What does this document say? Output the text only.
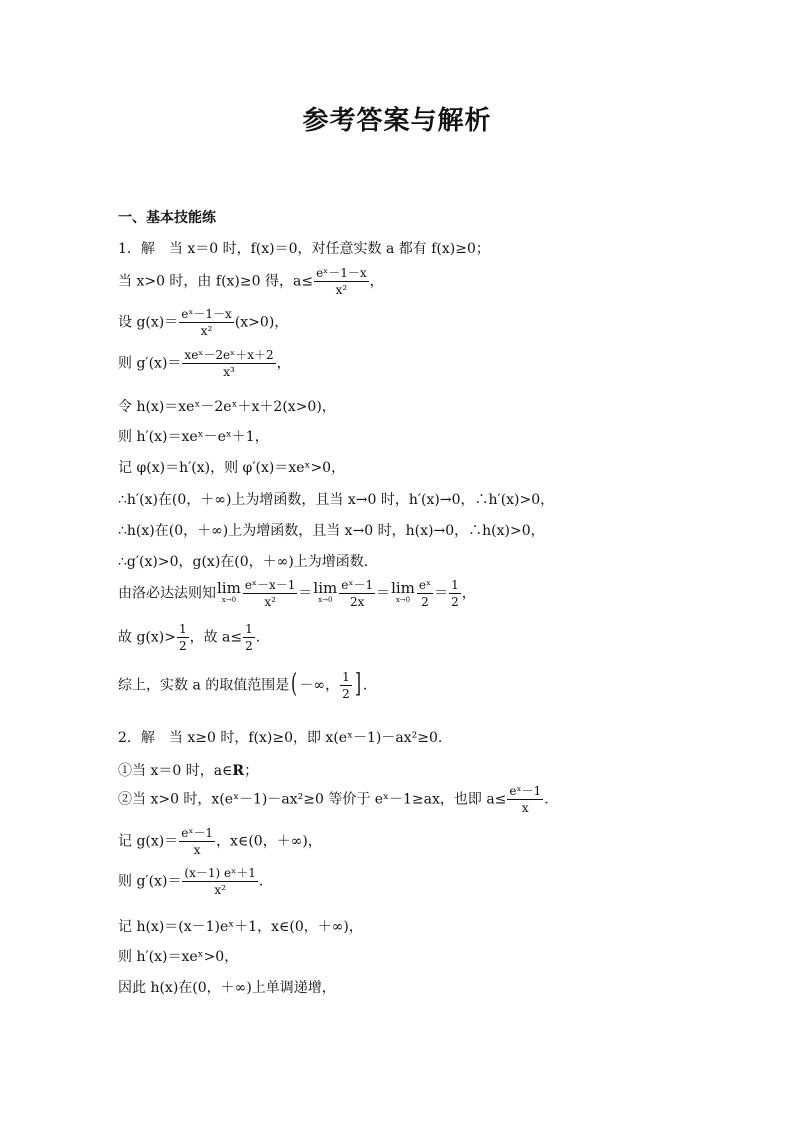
参考答案与解析
一、基本技能练
1．解　当 x＝0 时，f(x)＝0，对任意实数 a 都有 f(x)≥0；
当 x>0 时，由 f(x)≥0 得，$a\le \frac{\text{eˣ－1－x}}{\text{x²}}$ ，
设 $g(x)= \frac{\text{eˣ－1－x}}{\text{x²}} (x>0)$，
则 $g'(x)= \frac{\text{xeˣ－2eˣ＋x＋2}}{\text{x³}}$ ，
令 h(x)＝xeˣ－2eˣ＋x＋2(x>0)，
则 h′(x)＝xeˣ－eˣ＋1，
记 φ(x)＝h′(x)，则 φ′(x)＝xeˣ>0，
∴h′(x)在(0，＋∞)上为增函数，且当 x→0 时，h′(x)→0，∴h′(x)>0，
∴h(x)在(0，＋∞)上为增函数，且当 x→0 时，h(x)→0，∴h(x)>0，
∴g′(x)>0，g(x)在(0，＋∞)上为增函数．
由洛必达法则知 lim
$x\to 0 \frac{\text{eˣ－x－1}}{\text{x²}} = \lim$
$x\to 0 \frac{\text{eˣ－1}}{2x} = \lim$
$x\to 0 \frac{\text{eˣ}}{2} = \frac{1}{2}$ ，
故 $g(x)> \frac{1}{2}$ ，故 $a\le \frac{1}{2}$ .
综上，实数 a 的取值范围是( －∞， $\frac{1}{2}$ ] .
2．解　当 x≥0 时，f(x)≥0，即 x(eˣ－1)－ax²≥0.
①当 x＝0 时，a∈R；
②当 x>0 时，x(eˣ－1)－ax²≥0 等价于 eˣ－1≥ax，也即 $a\le \frac{\text{eˣ－1}}{x}$ .
记 $g(x)= \frac{\text{eˣ－1}}{x}$ ，x∈(0，＋∞)，
则 $g'(x)= \frac{\text{(x－1) eˣ＋1}}{\text{x²}}$ .
记 h(x)＝(x－1)eˣ＋1，x∈(0，＋∞)，
则 h′(x)＝xeˣ>0，
因此 h(x)在(0，＋∞)上单调递增，
